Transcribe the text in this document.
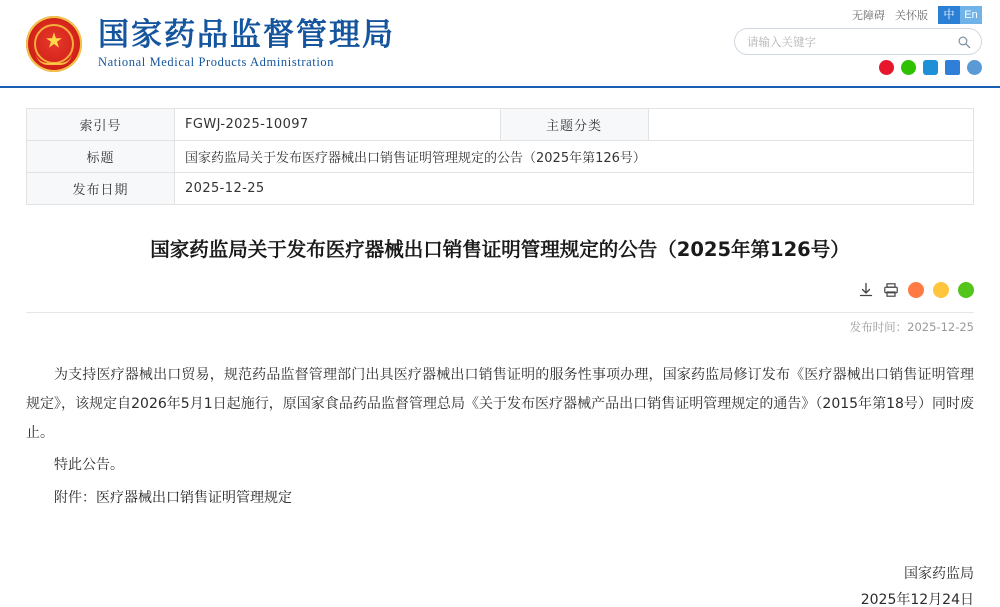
★ 国家药品监督管理局
National Medical Products Administration
无障碍 关怀版	中 En
请输入关键字
索引号	FGWJ-2025-10097	主题分类	
标题	国家药监局关于发布医疗器械出口销售证明管理规定的公告（2025年第126号）		
发布日期	2025-12-25		
国家药监局关于发布医疗器械出口销售证明管理规定的公告（2025年第126号）
发布时间：2025-12-25

为支持医疗器械出口贸易，规范药品监督管理部门出具医疗器械出口销售证明的服务性事项办理，国家药监局修订发布《医疗器械出口销售证明管理规定》，该规定自2026年5月1日起施行，原国家食品药品监督管理总局《关于发布医疗器械产品出口销售证明管理规定的通告》（2015年第18号）同时废止。

特此公告。

附件：医疗器械出口销售证明管理规定

国家药监局
2025年12月24日
